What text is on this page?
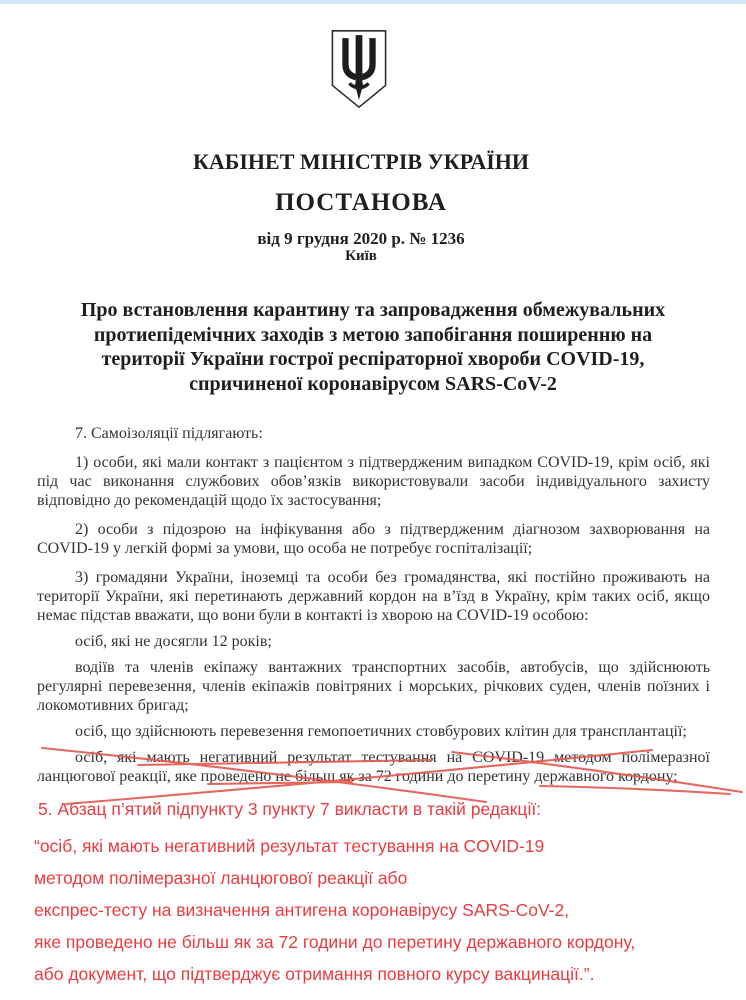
КАБІНЕТ МІНІСТРІВ УКРАЇНИ
ПОСТАНОВА
від 9 грудня 2020 р. № 1236
Київ
Про встановлення карантину та запровадження обмежувальних протиепідемічних заходів з метою запобігання поширенню на території України гострої респіраторної хвороби COVID-19, спричиненої коронавірусом SARS-CoV-2

7. Самоізоляції підлягають:

1) особи, які мали контакт з пацієнтом з підтвердженим випадком COVID-19, крім осіб, які під час виконання службових обов’язків використовували засоби індивідуального захисту відповідно до рекомендацій щодо їх застосування;

2) особи з підозрою на інфікування або з підтвердженим діагнозом захворювання на COVID-19 у легкій формі за умови, що особа не потребує госпіталізації;

3) громадяни України, іноземці та особи без громадянства, які постійно проживають на території України, які перетинають державний кордон на в’їзд в Україну, крім таких осіб, якщо немає підстав вважати, що вони були в контакті із хворою на COVID-19 особою:

осіб, які не досягли 12 років;

водіїв та членів екіпажу вантажних транспортних засобів, автобусів, що здійснюють регулярні перевезення, членів екіпажів повітряних і морських, річкових суден, членів поїзних і локомотивних бригад;

осіб, що здійснюють перевезення гемопоетичних стовбурових клітин для трансплантації;

осіб, які мають негативний результат тестування на COVID-19 методом полімеразної ланцюгової реакції, яке проведено не більш як за 72 години до перетину державного кордону;

5. Абзац п’ятий підпункту 3 пункту 7 викласти в такій редакції:

“осіб, які мають негативний результат тестування на COVID-19

методом полімеразної ланцюгової реакції або

експрес-тесту на визначення антигена коронавірусу SARS-CoV-2,

яке проведено не більш як за 72 години до перетину державного кордону,

або документ, що підтверджує отримання повного курсу вакцинації.”.
